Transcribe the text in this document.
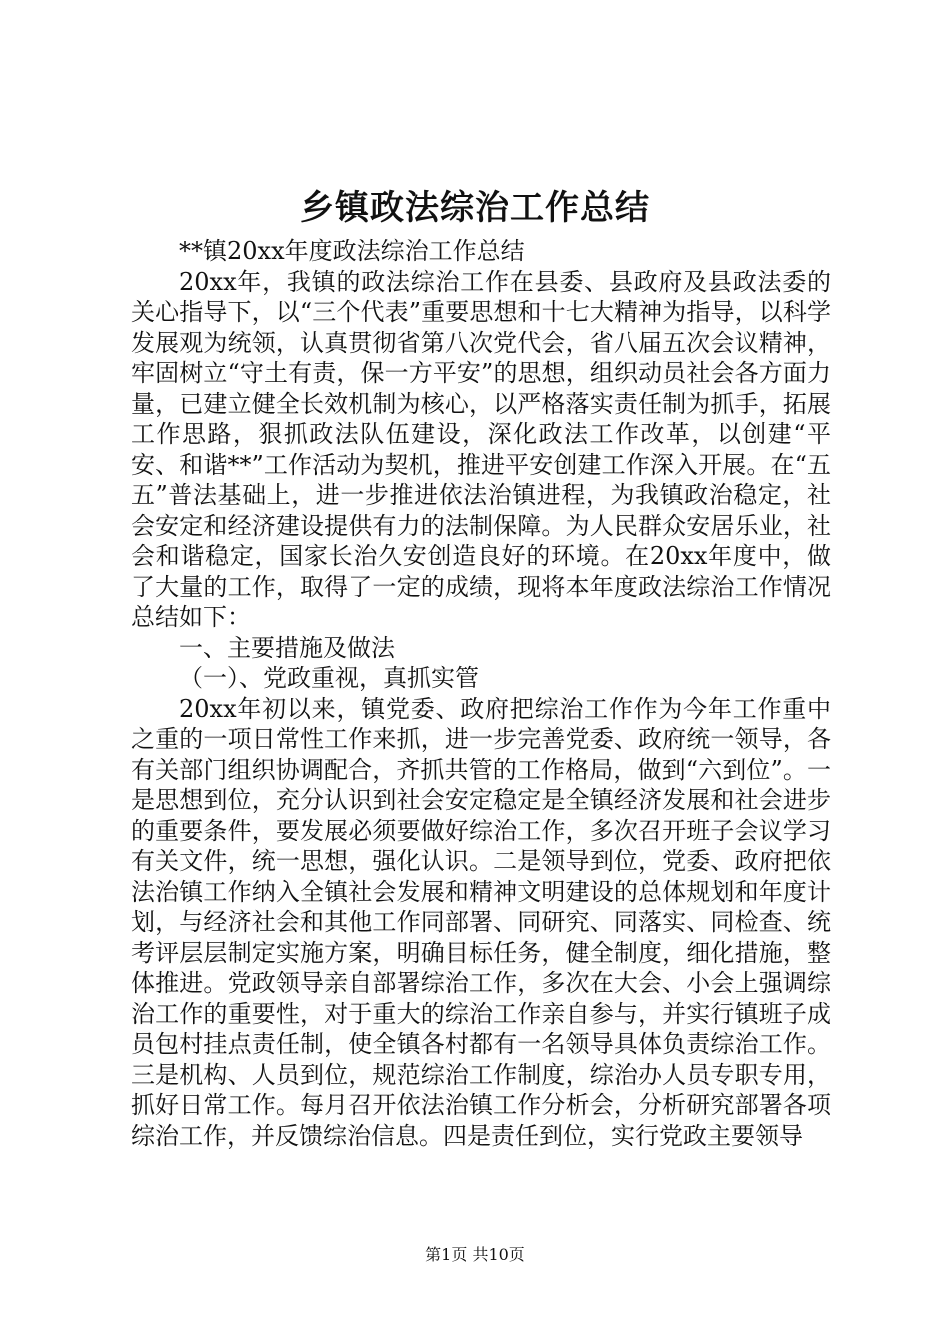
乡镇政法综治工作总结

**镇20xx年度政法综治工作总结

20xx年，我镇的政法综治工作在县委、县政府及县政法委的关心指导下，以“三个代表”重要思想和十七大精神为指导，以科学发展观为统领，认真贯彻省第八次党代会，省八届五次会议精神，牢固树立“守土有责，保一方平安”的思想，组织动员社会各方面力量，已建立健全长效机制为核心，以严格落实责任制为抓手，拓展工作思路，狠抓政法队伍建设，深化政法工作改革，以创建“平安、和谐**”工作活动为契机，推进平安创建工作深入开展。在“五五”普法基础上，进一步推进依法治镇进程，为我镇政治稳定，社会安定和经济建设提供有力的法制保障。为人民群众安居乐业，社会和谐稳定，国家长治久安创造良好的环境。在20xx年度中，做了大量的工作，取得了一定的成绩，现将本年度政法综治工作情况总结如下：

一、主要措施及做法

（一）、党政重视，真抓实管

20xx年初以来，镇党委、政府把综治工作作为今年工作重中之重的一项日常性工作来抓，进一步完善党委、政府统一领导，各有关部门组织协调配合，齐抓共管的工作格局，做到“六到位”。一是思想到位，充分认识到社会安定稳定是全镇经济发展和社会进步的重要条件，要发展必须要做好综治工作，多次召开班子会议学习有关文件，统一思想，强化认识。二是领导到位，党委、政府把依法治镇工作纳入全镇社会发展和精神文明建设的总体规划和年度计划，与经济社会和其他工作同部署、同研究、同落实、同检查、统考评层层制定实施方案，明确目标任务，健全制度，细化措施，整体推进。党政领导亲自部署综治工作，多次在大会、小会上强调综治工作的重要性，对于重大的综治工作亲自参与，并实行镇班子成员包村挂点责任制，使全镇各村都有一名领导具体负责综治工作。三是机构、人员到位，规范综治工作制度，综治办人员专职专用，抓好日常工作。每月召开依法治镇工作分析会，分析研究部署各项综治工作，并反馈综治信息。四是责任到位，实行党政主要领导

第1页 共10页
